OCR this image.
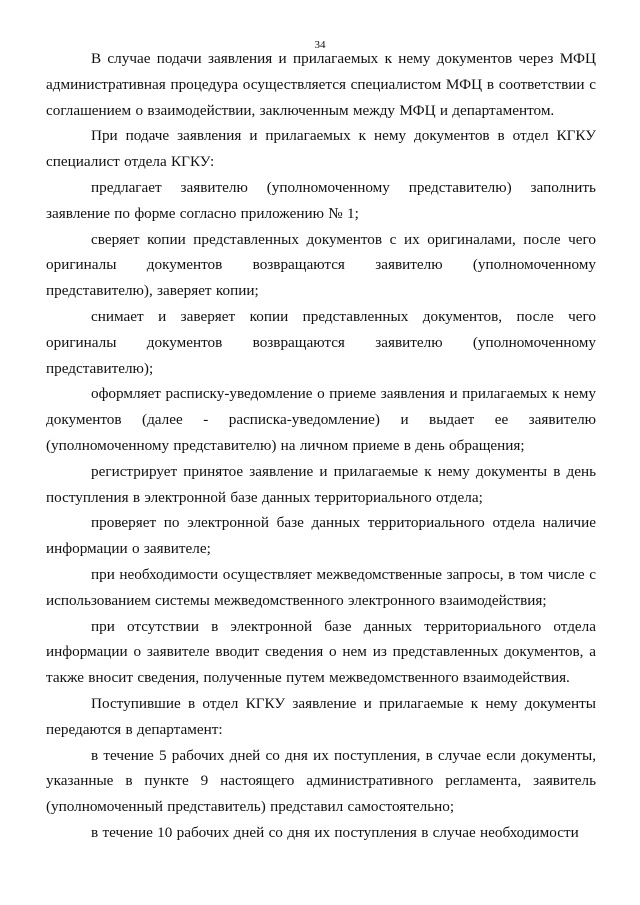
34

В случае подачи заявления и прилагаемых к нему документов через МФЦ административная процедура осуществляется специалистом МФЦ в соответствии с соглашением о взаимодействии, заключенным между МФЦ и департаментом.

При подаче заявления и прилагаемых к нему документов в отдел КГКУ специалист отдела КГКУ:

предлагает заявителю (уполномоченному представителю) заполнить заявление по форме согласно приложению № 1;

сверяет копии представленных документов с их оригиналами, после чего оригиналы документов возвращаются заявителю (уполномоченному представителю), заверяет копии;

снимает и заверяет копии представленных документов, после чего оригиналы документов возвращаются заявителю (уполномоченному представителю);

оформляет расписку-уведомление о приеме заявления и прилагаемых к нему документов (далее - расписка-уведомление) и выдает ее заявителю (уполномоченному представителю) на личном приеме в день обращения;

регистрирует принятое заявление и прилагаемые к нему документы в день поступления в электронной базе данных территориального отдела;

проверяет по электронной базе данных территориального отдела наличие информации о заявителе;

при необходимости осуществляет межведомственные запросы, в том числе с использованием системы межведомственного электронного взаимодействия;

при отсутствии в электронной базе данных территориального отдела информации о заявителе вводит сведения о нем из представленных документов, а также вносит сведения, полученные путем межведомственного взаимодействия.

Поступившие в отдел КГКУ заявление и прилагаемые к нему документы передаются в департамент:

в течение 5 рабочих дней со дня их поступления, в случае если документы, указанные в пункте 9 настоящего административного регламента, заявитель (уполномоченный представитель) представил самостоятельно;

в течение 10 рабочих дней со дня их поступления в случае необходимости
